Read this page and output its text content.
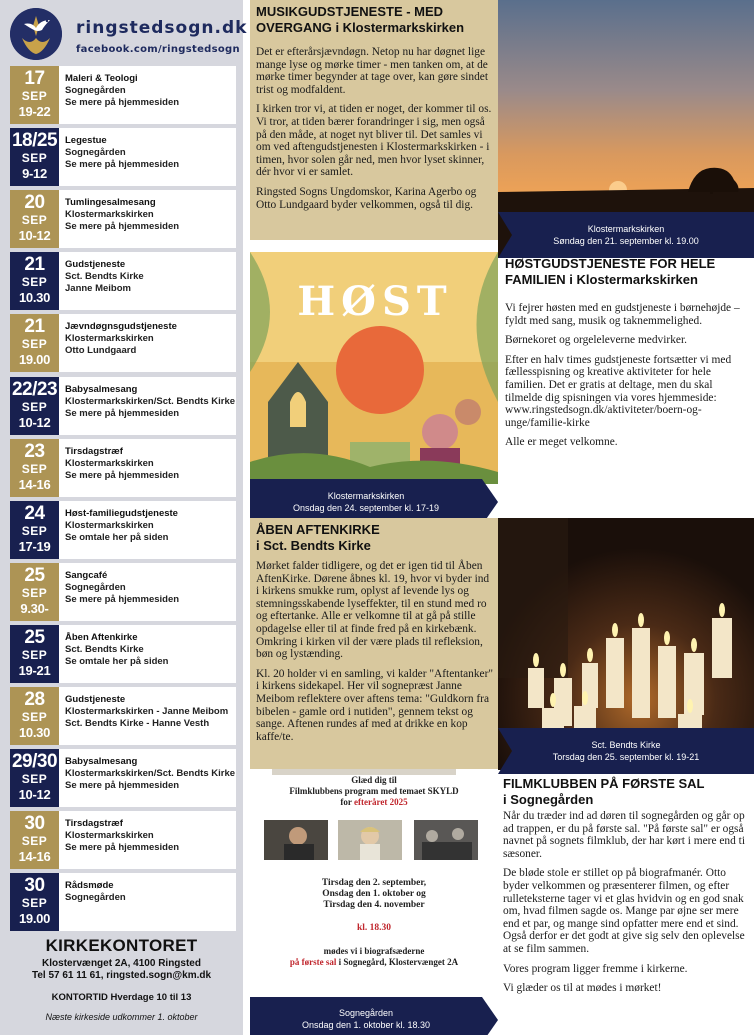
ringstedsogn.dk
facebook.com/ringstedsogn
17
SEP
19-22
Maleri & Teologi
Sognegården
Se mere på hjemmesiden
18/25
SEP
9-12
Legestue
Sognegården
Se mere på hjemmesiden
20
SEP
10-12
Tumlingesalmesang
Klostermarkskirken
Se mere på hjemmesiden
21
SEP
10.30
Gudstjeneste
Sct. Bendts Kirke
Janne Meibom
21
SEP
19.00
Jævndøgnsgudstjeneste
Klostermarkskirken
Otto Lundgaard
22/23
SEP
10-12
Babysalmesang
Klostermarkskirken/Sct. Bendts Kirke
Se mere på hjemmesiden
23
SEP
14-16
Tirsdagstræf
Klostermarkskirken
Se mere på hjemmesiden
24
SEP
17-19
Høst-familiegudstjeneste
Klostermarkskirken
Se omtale her på siden
25
SEP
9.30-
Sangcafé
Sognegården
Se mere på hjemmesiden
25
SEP
19-21
Åben Aftenkirke
Sct. Bendts Kirke
Se omtale her på siden
28
SEP
10.30
Gudstjeneste
Klostermarkskirken - Janne Meibom
Sct. Bendts Kirke - Hanne Vesth
29/30
SEP
10-12
Babysalmesang
Klostermarkskirken/Sct. Bendts Kirke
Se mere på hjemmesiden
30
SEP
14-16
Tirsdagstræf
Klostermarkskirken
Se mere på hjemmesiden
30
SEP
19.00
Rådsmøde
Sognegården
KIRKEKONTORET
Klostervænget 2A, 4100 Ringsted
Tel 57 61 11 61, ringsted.sogn@km.dk
KONTORTID Hverdage 10 til 13
Næste kirkeside udkommer 1. oktober
MUSIKGUDSTJENESTE - MED OVERGANG i Klostermarkskirken

Det er efterårsjævndøgn. Netop nu har døgnet lige mange lyse og mørke timer - men tanken om, at de mørke timer begynder at tage over, kan gøre sindet trist og modfaldent.

I kirken tror vi, at tiden er noget, der kommer til os. Vi tror, at tiden bærer forandringer i sig, men også på den måde, at noget nyt bliver til. Det samles vi om ved aftengudstjenesten i Klostermarkskirken - i timen, hvor solen går ned, men hvor lyset skinner, dér hvor vi er samlet.

Ringsted Sogns Ungdomskor, Karina Agerbo og Otto Lundgaard byder velkommen, også til dig.

Klostermarkskirken
Søndag den 21. september kl. 19.00
HØST
Klostermarkskirken
Onsdag den 24. september kl. 17-19
HØSTGUDSTJENESTE FOR HELE FAMILIEN i Klostermarkskirken

Vi fejrer høsten med en gudstjeneste i børnehøjde – fyldt med sang, musik og taknemmelighed.

Børnekoret og orgeleleverne medvirker.

Efter en halv times gudstjeneste fortsætter vi med fællesspisning og kreative aktiviteter for hele familien. Det er gratis at deltage, men du skal tilmelde dig spisningen via vores hjemmeside: www.ringstedsogn.dk/aktiviteter/boern-og-unge/familie-kirke

Alle er meget velkomne.

ÅBEN AFTENKIRKE
i Sct. Bendts Kirke

Mørket falder tidligere, og det er igen tid til Åben AftenKirke. Dørene åbnes kl. 19, hvor vi byder ind i kirkens smukke rum, oplyst af levende lys og stemningsskabende lyseffekter, til en stund med ro og eftertanke. Alle er velkomne til at gå på stille opdagelse eller til at finde fred på en kirkebænk. Omkring i kirken vil der være plads til refleksion, bøn og lystænding.

Kl. 20 holder vi en samling, vi kalder "Aftentanker" i kirkens sidekapel. Her vil sognepræst Janne Meibom reflektere over aftens tema: "Guldkorn fra bibelen - gamle ord i nutiden", gennem tekst og sange. Aftenen rundes af med at drikke en kop kaffe/te.

Sct. Bendts Kirke
Torsdag den 25. september kl. 19-21
Glæd dig til
Filmklubbens program med temaet SKYLD
for efteråret 2025
Tirsdag den 2. september,
Onsdag den 1. oktober og
Tirsdag den 4. november
kl. 18.30
mødes vi i biografsæderne
på første sal i Sognegård, Klostervænget 2A
Sognegården
Onsdag den 1. oktober kl. 18.30
FILMKLUBBEN PÅ FØRSTE SAL
i Sognegården

Når du træder ind ad døren til sognegården og går op ad trappen, er du på første sal. "På første sal" er også navnet på sognets filmklub, der har kørt i mere end ti sæsoner.

De bløde stole er stillet op på biografmanér. Otto byder velkommen og præsenterer filmen, og efter rulleteksterne tager vi et glas hvidvin og en god snak om, hvad filmen sagde os. Mange par øjne ser mere end et par, og mange sind opfatter mere end et sind. Også derfor er det godt at give sig selv den oplevelse at se film sammen.

Vores program ligger fremme i kirkerne.

Vi glæder os til at mødes i mørket!
